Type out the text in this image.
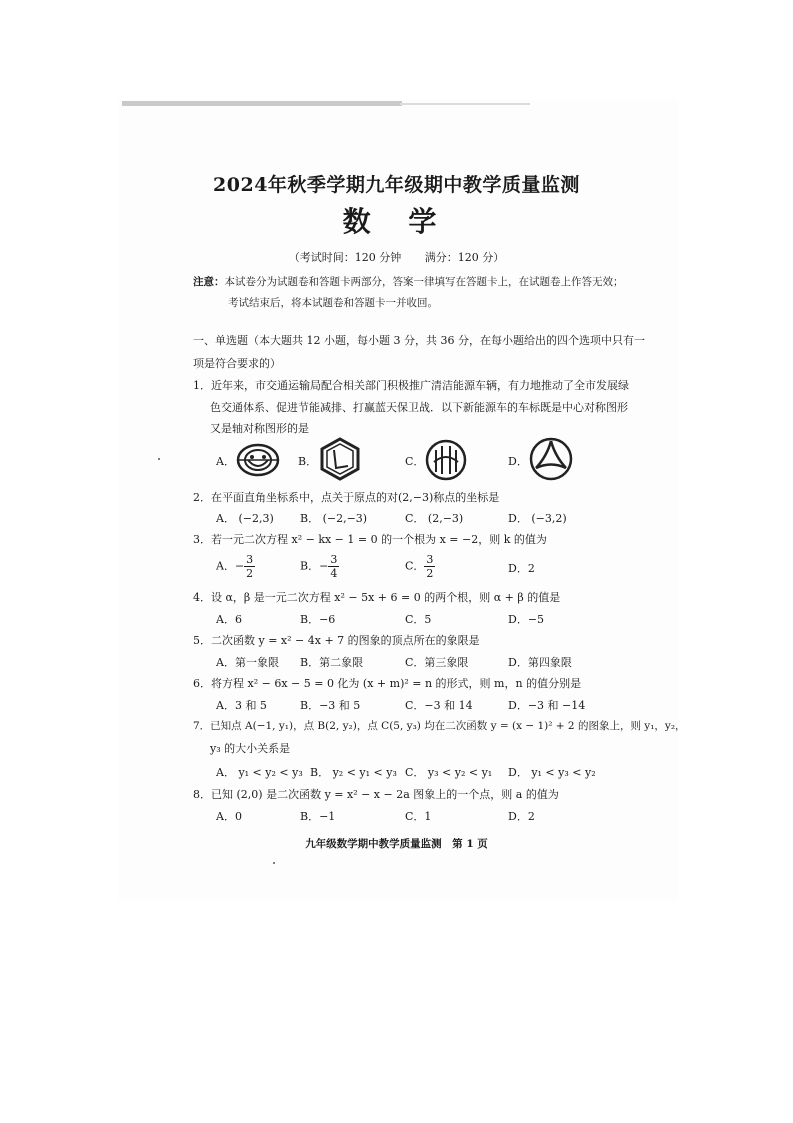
2024年秋季学期九年级期中教学质量监测
数 学
（考试时间：120 分钟 满分：120 分）
注意：本试卷分为试题卷和答题卡两部分，答案一律填写在答题卡上，在试题卷上作答无效；
考试结束后，将本试题卷和答题卡一并收回。
一、单选题（本大题共 12 小题，每小题 3 分，共 36 分，在每小题给出的四个选项中只有一
项是符合要求的）
1．近年来，市交通运输局配合相关部门积极推广清洁能源车辆，有力地推动了全市发展绿
色交通体系、促进节能减排、打赢蓝天保卫战．以下新能源车的车标既是中心对称图形
又是轴对称图形的是
A．	B．	C．	D．
2．在平面直角坐标系中，点关于原点的对(2,−3)称点的坐标是
A． (−2,3) B． (−2,−3)	C． (2,−3)	D． (−3,2)
3．若一元二次方程 x² − kx − 1 = 0 的一个根为 x = −2，则 k 的值为
A．− $\frac{3}{2}$	B．− $\frac{3}{4}$	C． $\frac{3}{2}$	D．2
4．设 α，β 是一元二次方程 x² − 5x + 6 = 0 的两个根，则 α + β 的值是
A．6	B．−6	C．5	D．−5
5．二次函数 y = x² − 4x + 7 的图象的顶点所在的象限是
A．第一象限 B．第二象限	C．第三象限	D．第四象限
6．将方程 x² − 6x − 5 = 0 化为 (x + m)² = n 的形式，则 m，n 的值分别是
A．3 和 5	B．−3 和 5	C．−3 和 14	D．−3 和 −14
7．已知点 A(−1, y₁)，点 B(2, y₂)，点 C(5, y₃) 均在二次函数 y = (x − 1)² + 2 的图象上，则 y₁，y₂，
y₃ 的大小关系是
A． y₁ < y₂ < y₃ B． y₂ < y₁ < y₃ C． y₃ < y₂ < y₁ D． y₁ < y₃ < y₂
8．已知 (2,0) 是二次函数 y = x² − x − 2a 图象上的一个点，则 a 的值为
A．0	B．−1	C．1	D．2
九年级数学期中教学质量监测　第 1 页
